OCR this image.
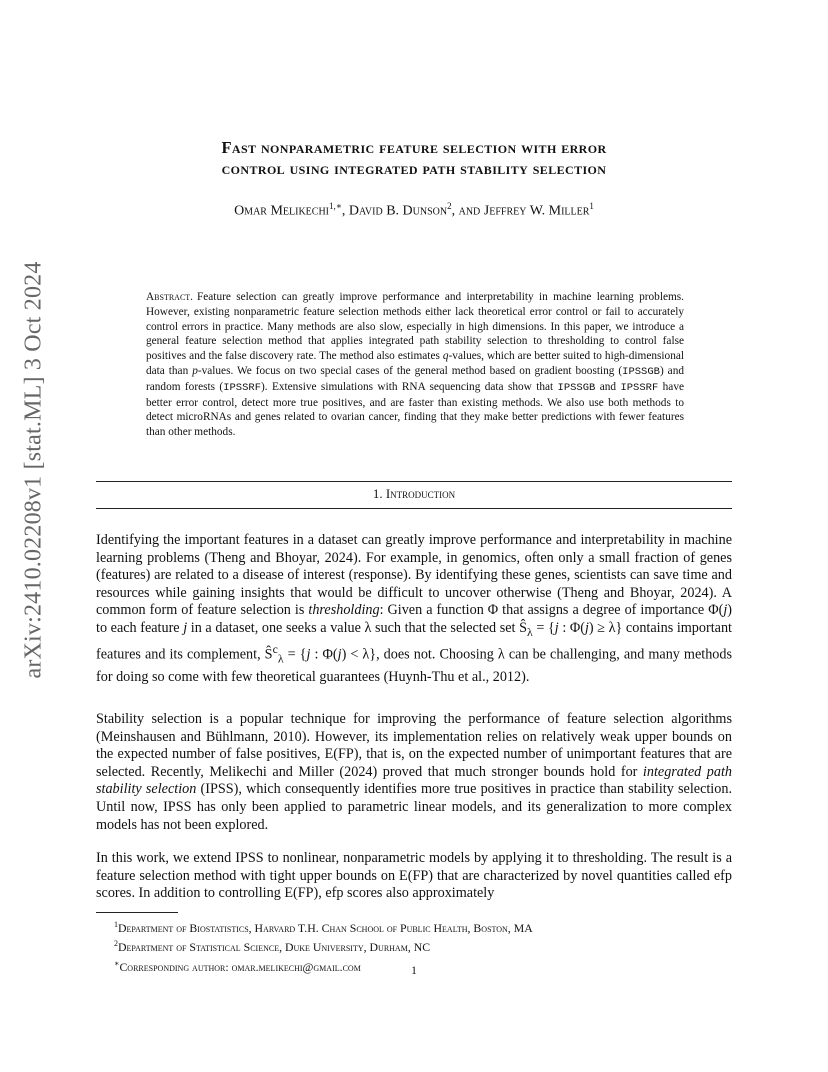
arXiv:2410.02208v1 [stat.ML] 3 Oct 2024
Fast nonparametric feature selection with error
control using integrated path stability selection
Omar Melikechi$^{1,∗}$, David B. Dunson$^2$, and Jeffrey W. Miller$^1$
Abstract. Feature selection can greatly improve performance and interpretability in machine learning problems. However, existing nonparametric feature selection methods either lack theoretical error control or fail to accurately control errors in practice. Many methods are also slow, especially in high dimensions. In this paper, we introduce a general feature selection method that applies integrated path stability selection to thresholding to control false positives and the false discovery rate. The method also estimates q-values, which are better suited to high-dimensional data than p-values. We focus on two special cases of the general method based on gradient boosting (IPSSGB) and random forests (IPSSRF). Extensive simulations with RNA sequencing data show that IPSSGB and IPSSRF have better error control, detect more true positives, and are faster than existing methods. We also use both methods to detect microRNAs and genes related to ovarian cancer, finding that they make better predictions with fewer features than other methods.
1. Introduction

Identifying the important features in a dataset can greatly improve performance and interpretability in machine learning problems (Theng and Bhoyar, 2024). For example, in genomics, often only a small fraction of genes (features) are related to a disease of interest (response). By identifying these genes, scientists can save time and resources while gaining insights that would be difficult to uncover otherwise (Theng and Bhoyar, 2024). A common form of feature selection is thresholding: Given a function Φ that assigns a degree of importance Φ(j) to each feature j in a dataset, one seeks a value λ such that the selected set $Ŝ_\lambda = \{j$ : Φ(j) ≥ λ} contains important features and its complement, $Ŝ^c_\lambda = \{j$ : Φ(j) < λ}, does not. Choosing λ can be challenging, and many methods for doing so come with few theoretical guarantees (Huynh-Thu et al., 2012).

Stability selection is a popular technique for improving the performance of feature selection algorithms (Meinshausen and Bühlmann, 2010). However, its implementation relies on relatively weak upper bounds on the expected number of false positives, E(FP), that is, on the expected number of unimportant features that are selected. Recently, Melikechi and Miller (2024) proved that much stronger bounds hold for integrated path stability selection (IPSS), which consequently identifies more true positives in practice than stability selection. Until now, IPSS has only been applied to parametric linear models, and its generalization to more complex models has not been explored.

In this work, we extend IPSS to nonlinear, nonparametric models by applying it to thresholding. The result is a feature selection method with tight upper bounds on E(FP) that are characterized by novel quantities called efp scores. In addition to controlling E(FP), efp scores also approximately

$^1$Department of Biostatistics, Harvard T.H. Chan School of Public Health, Boston, MA
$^2$Department of Statistical Science, Duke University, Durham, NC
∗Corresponding author: omar.melikechi@gmail.com	1
